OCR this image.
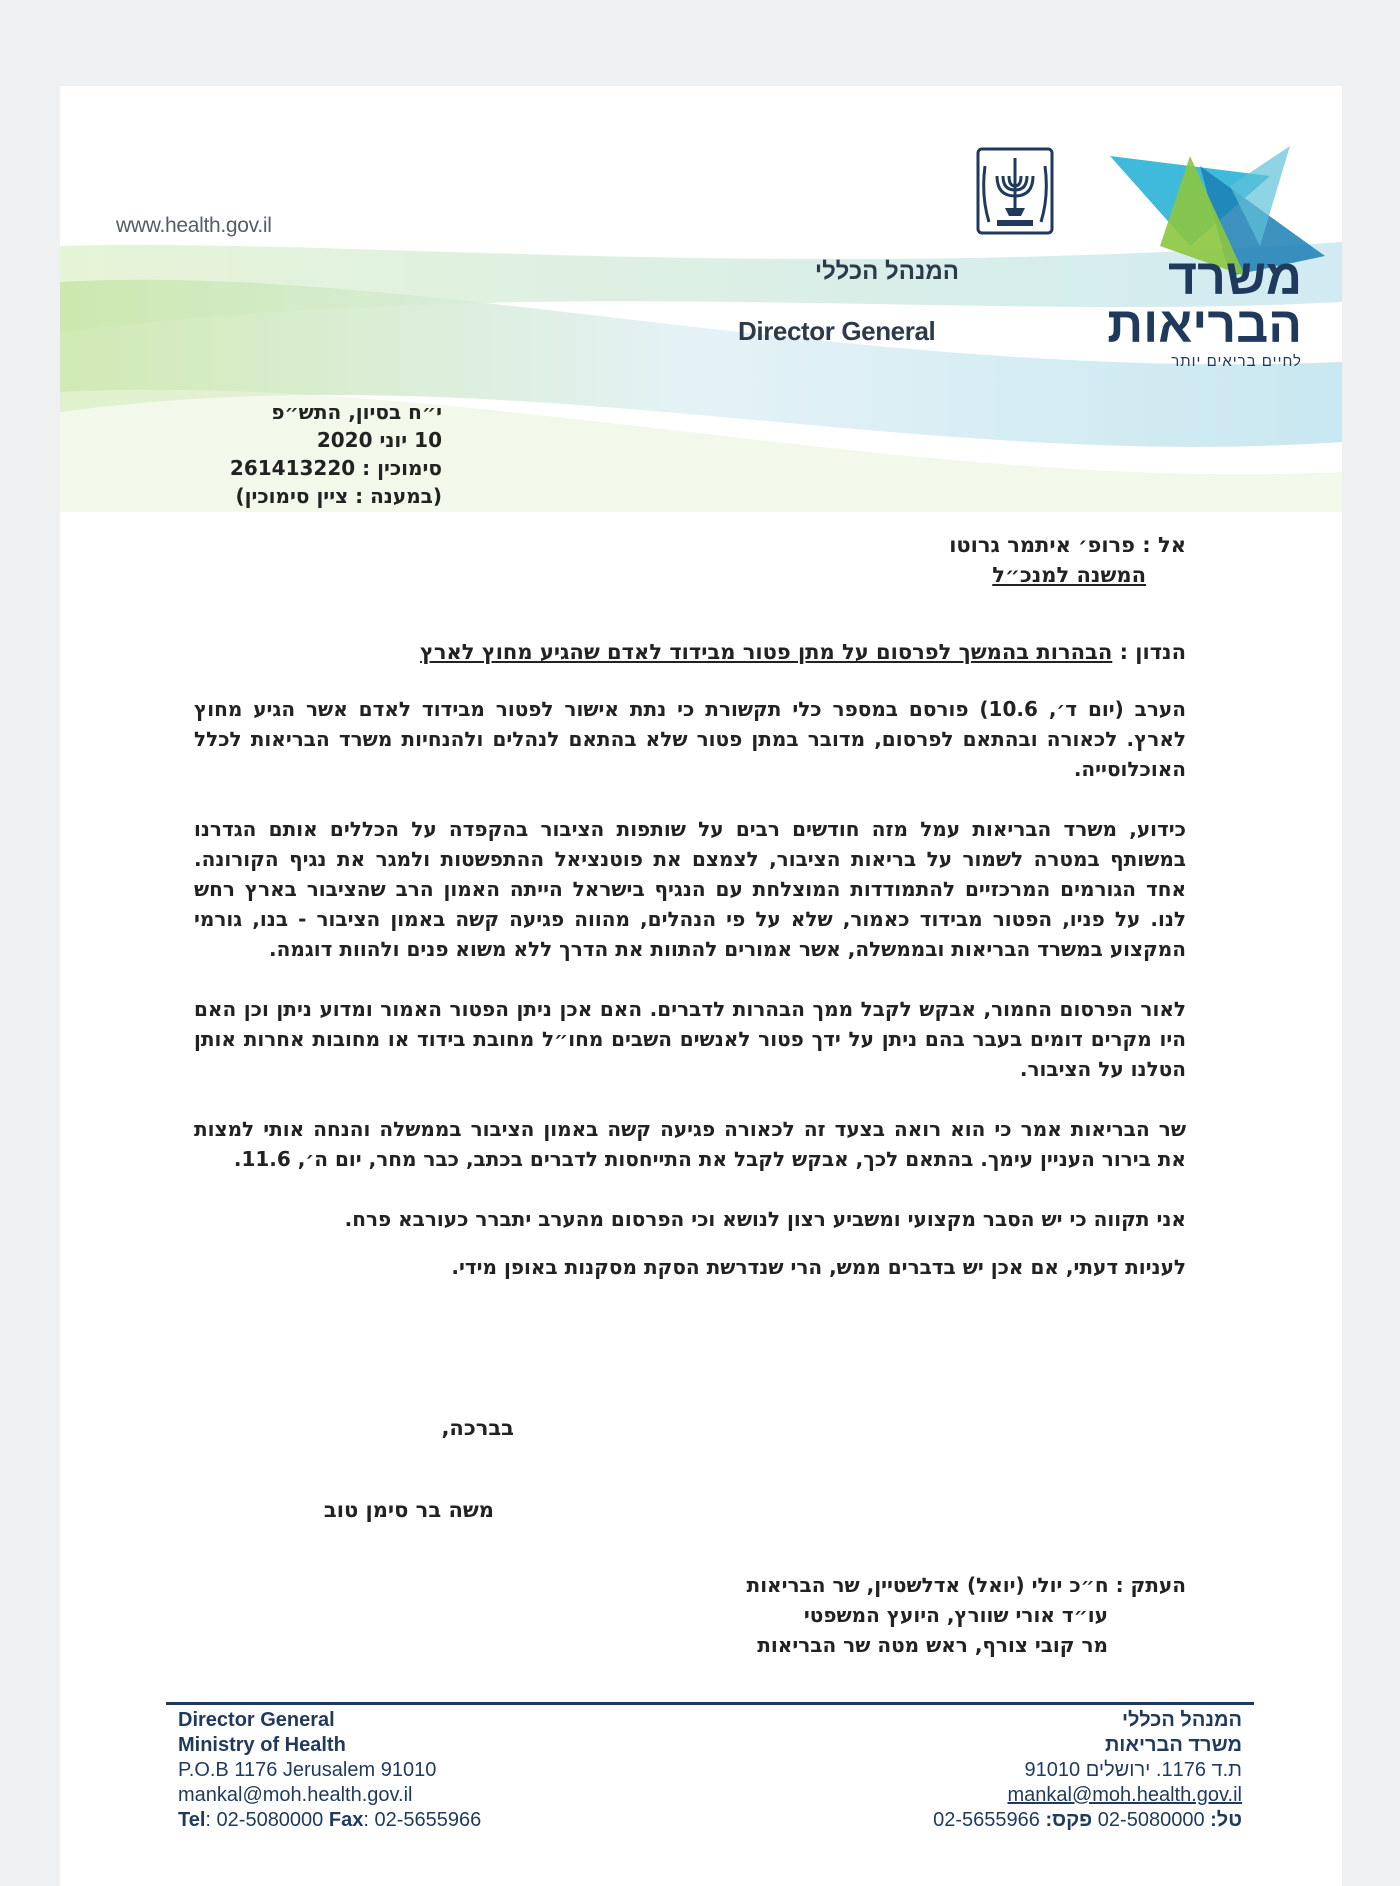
www.health.gov.il
המנהל הכללי
Director General
משרד
הבריאות
לחיים בריאים יותר
י״ח בסיון, התש״פ
10 יוני 2020
סימוכין : 261413220
(במענה : ציין סימוכין)
אל : פרופ׳ איתמר גרוטו
המשנה למנכ״ל
הנדון : הבהרות בהמשך לפרסום על מתן פטור מבידוד לאדם שהגיע מחוץ לארץ

הערב (יום ד׳, 10.6) פורסם במספר כלי תקשורת כי נתת אישור לפטור מבידוד לאדם אשר הגיע מחוץ לארץ. לכאורה ובהתאם לפרסום, מדובר במתן פטור שלא בהתאם לנהלים ולהנחיות משרד הבריאות לכלל האוכלוסייה.

כידוע, משרד הבריאות עמל מזה חודשים רבים על שותפות הציבור בהקפדה על הכללים אותם הגדרנו במשותף במטרה לשמור על בריאות הציבור, לצמצם את פוטנציאל ההתפשטות ולמגר את נגיף הקורונה. אחד הגורמים המרכזיים להתמודדות המוצלחת עם הנגיף בישראל הייתה האמון הרב שהציבור בארץ רחש לנו. על פניו, הפטור מבידוד כאמור, שלא על פי הנהלים, מהווה פגיעה קשה באמון הציבור - בנו, גורמי המקצוע במשרד הבריאות ובממשלה, אשר אמורים להתוות את הדרך ללא משוא פנים ולהוות דוגמה.

לאור הפרסום החמור, אבקש לקבל ממך הבהרות לדברים. האם אכן ניתן הפטור האמור ומדוע ניתן וכן האם היו מקרים דומים בעבר בהם ניתן על ידך פטור לאנשים השבים מחו״ל מחובת בידוד או מחובות אחרות אותן הטלנו על הציבור.

שר הבריאות אמר כי הוא רואה בצעד זה לכאורה פגיעה קשה באמון הציבור בממשלה והנחה אותי למצות את בירור העניין עימך. בהתאם לכך, אבקש לקבל את התייחסות לדברים בכתב, כבר מחר, יום ה׳, 11.6.

אני תקווה כי יש הסבר מקצועי ומשביע רצון לנושא וכי הפרסום מהערב יתברר כעורבא פרח.

לעניות דעתי, אם אכן יש בדברים ממש, הרי שנדרשת הסקת מסקנות באופן מידי.

בברכה,
משה בר סימן טוב
העתק : ח״כ יולי (יואל) אדלשטיין, שר הבריאות
עו״ד אורי שוורץ, היועץ המשפטי
מר קובי צורף, ראש מטה שר הבריאות
Director General
Ministry of Health
P.O.B 1176 Jerusalem 91010
mankal@moh.health.gov.il
Tel: 02-5080000 Fax: 02-5655966
המנהל הכללי
משרד הבריאות
ת.ד 1176. ירושלים 91010
mankal@moh.health.gov.il
טל: 02-5080000 פקס: 02-5655966
